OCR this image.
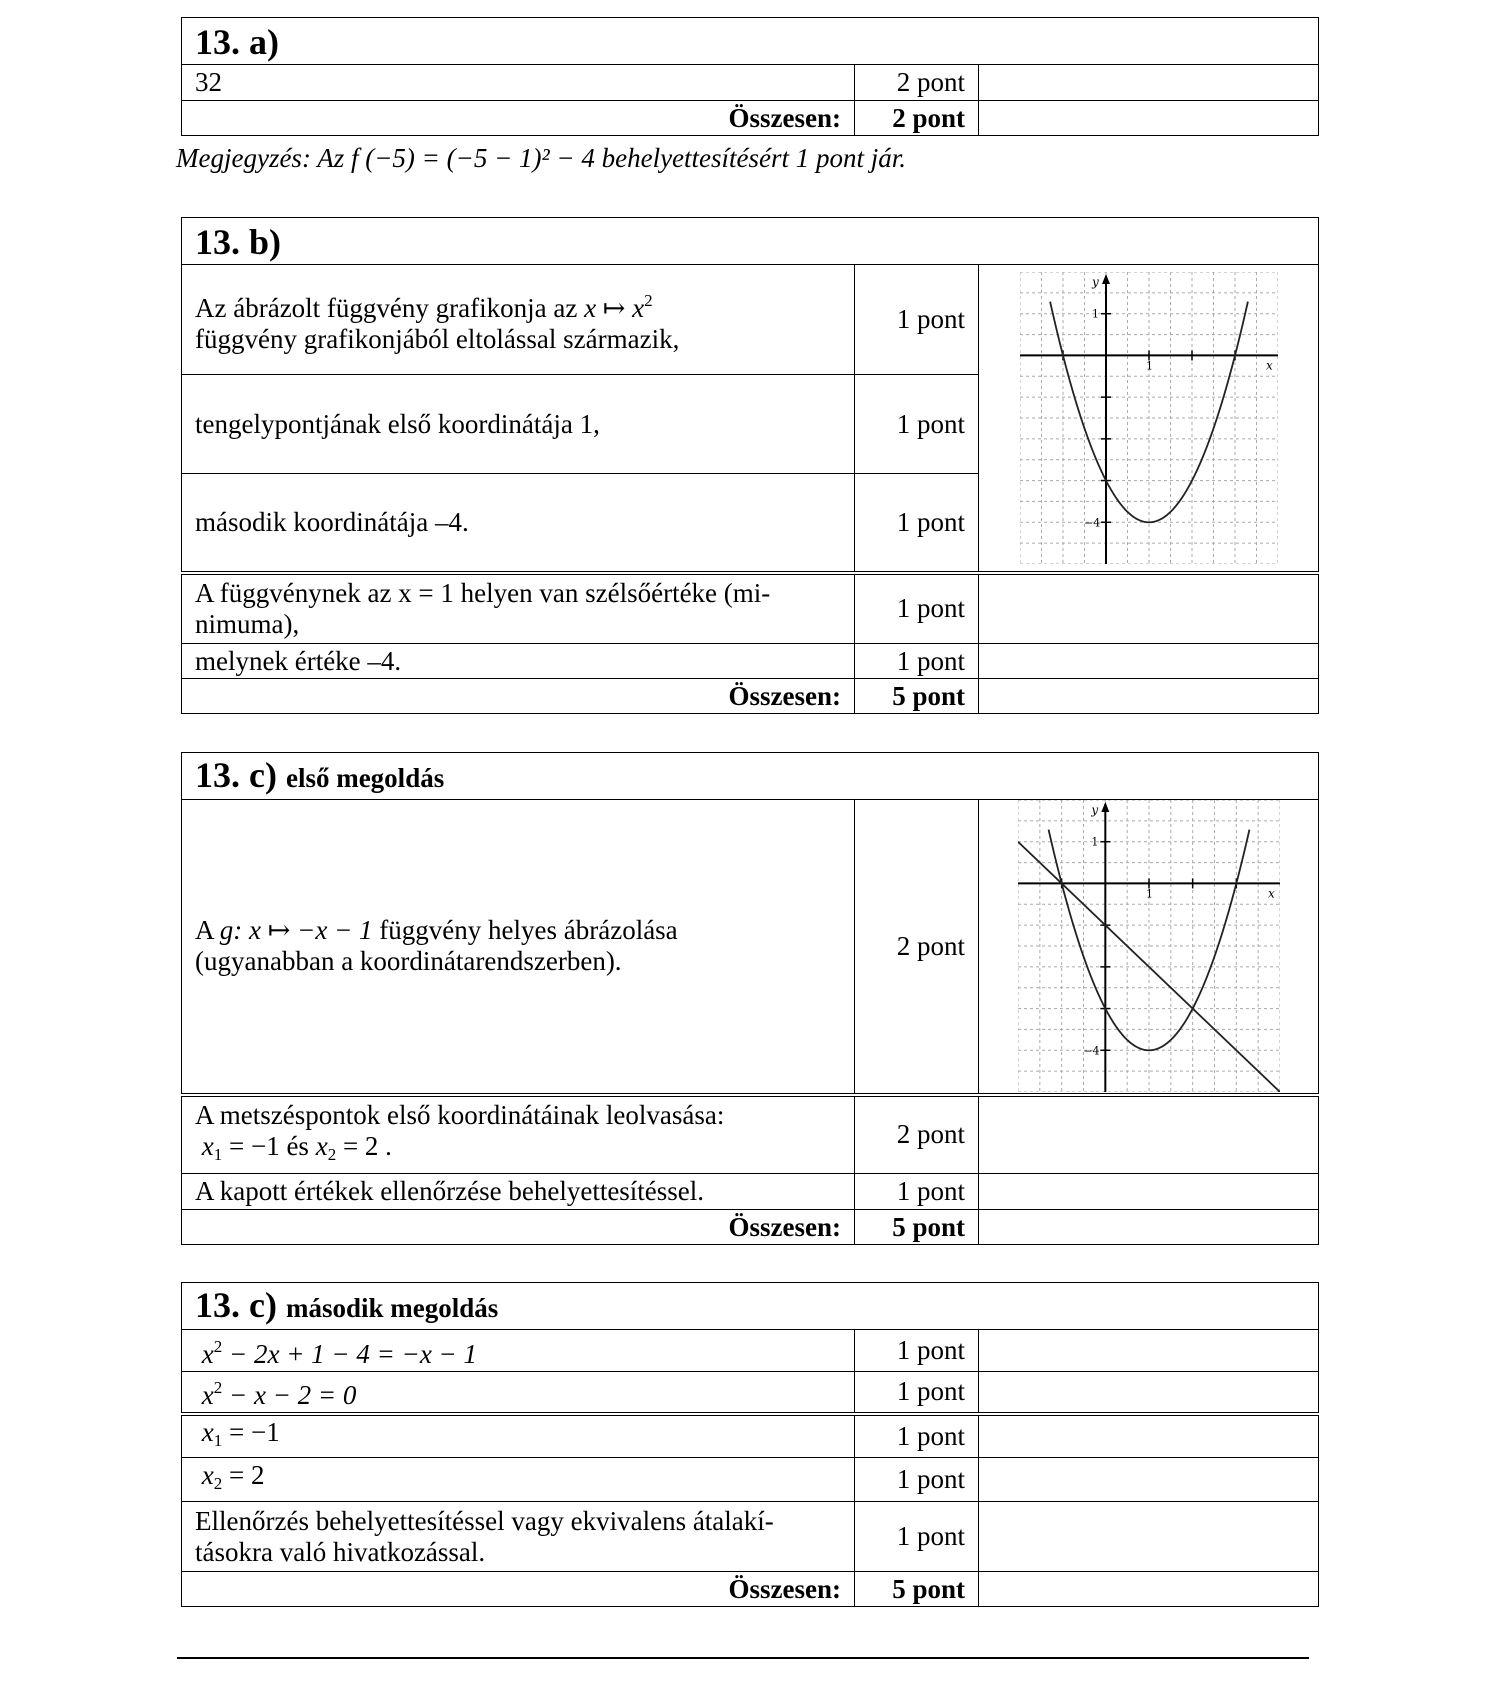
13. a)		
32	2 pont	
Összesen:	2 pont	
Megjegyzés: Az f (−5) = (−5 − 1)² − 4 behelyettesítésért 1 pont jár.
13. b)		
Az ábrázolt függvény grafikonja az x ↦ $x^2$
függvény grafikonjából eltolással származik,	1 pont	y
x
1
1
−4

tengelypontjának első koordinátája 1,	1 pont	
második koordinátája –4.	1 pont	
A függvénynek az x = 1 helyen van szélsőértéke (mi-nimuma),	1 pont	
melynek értéke –4.	1 pont	
Összesen:	5 pont	
13. c) első megoldás		
A g: x ↦ −x − 1 függvény helyes ábrázolása
(ugyanabban a koordinátarendszerben).	2 pont	y
x
1
1
−4

A metszéspontok első koordinátáinak leolvasása:
$x_1 = -1$ és $x_2 = 2$ .	2 pont	
A kapott értékek ellenőrzése behelyettesítéssel.	1 pont	
Összesen:	5 pont	
13. c) második megoldás		
$x^2 - 2x + 1 - 4 = -x - 1$	1 pont	
$x^2 - x - 2 = 0$	1 pont	
$x_1 = -1$	1 pont	
$x_2 = 2$	1 pont	
Ellenőrzés behelyettesítéssel vagy ekvivalens átalakí-tásokra való hivatkozással.	1 pont	
Összesen:	5 pont	
